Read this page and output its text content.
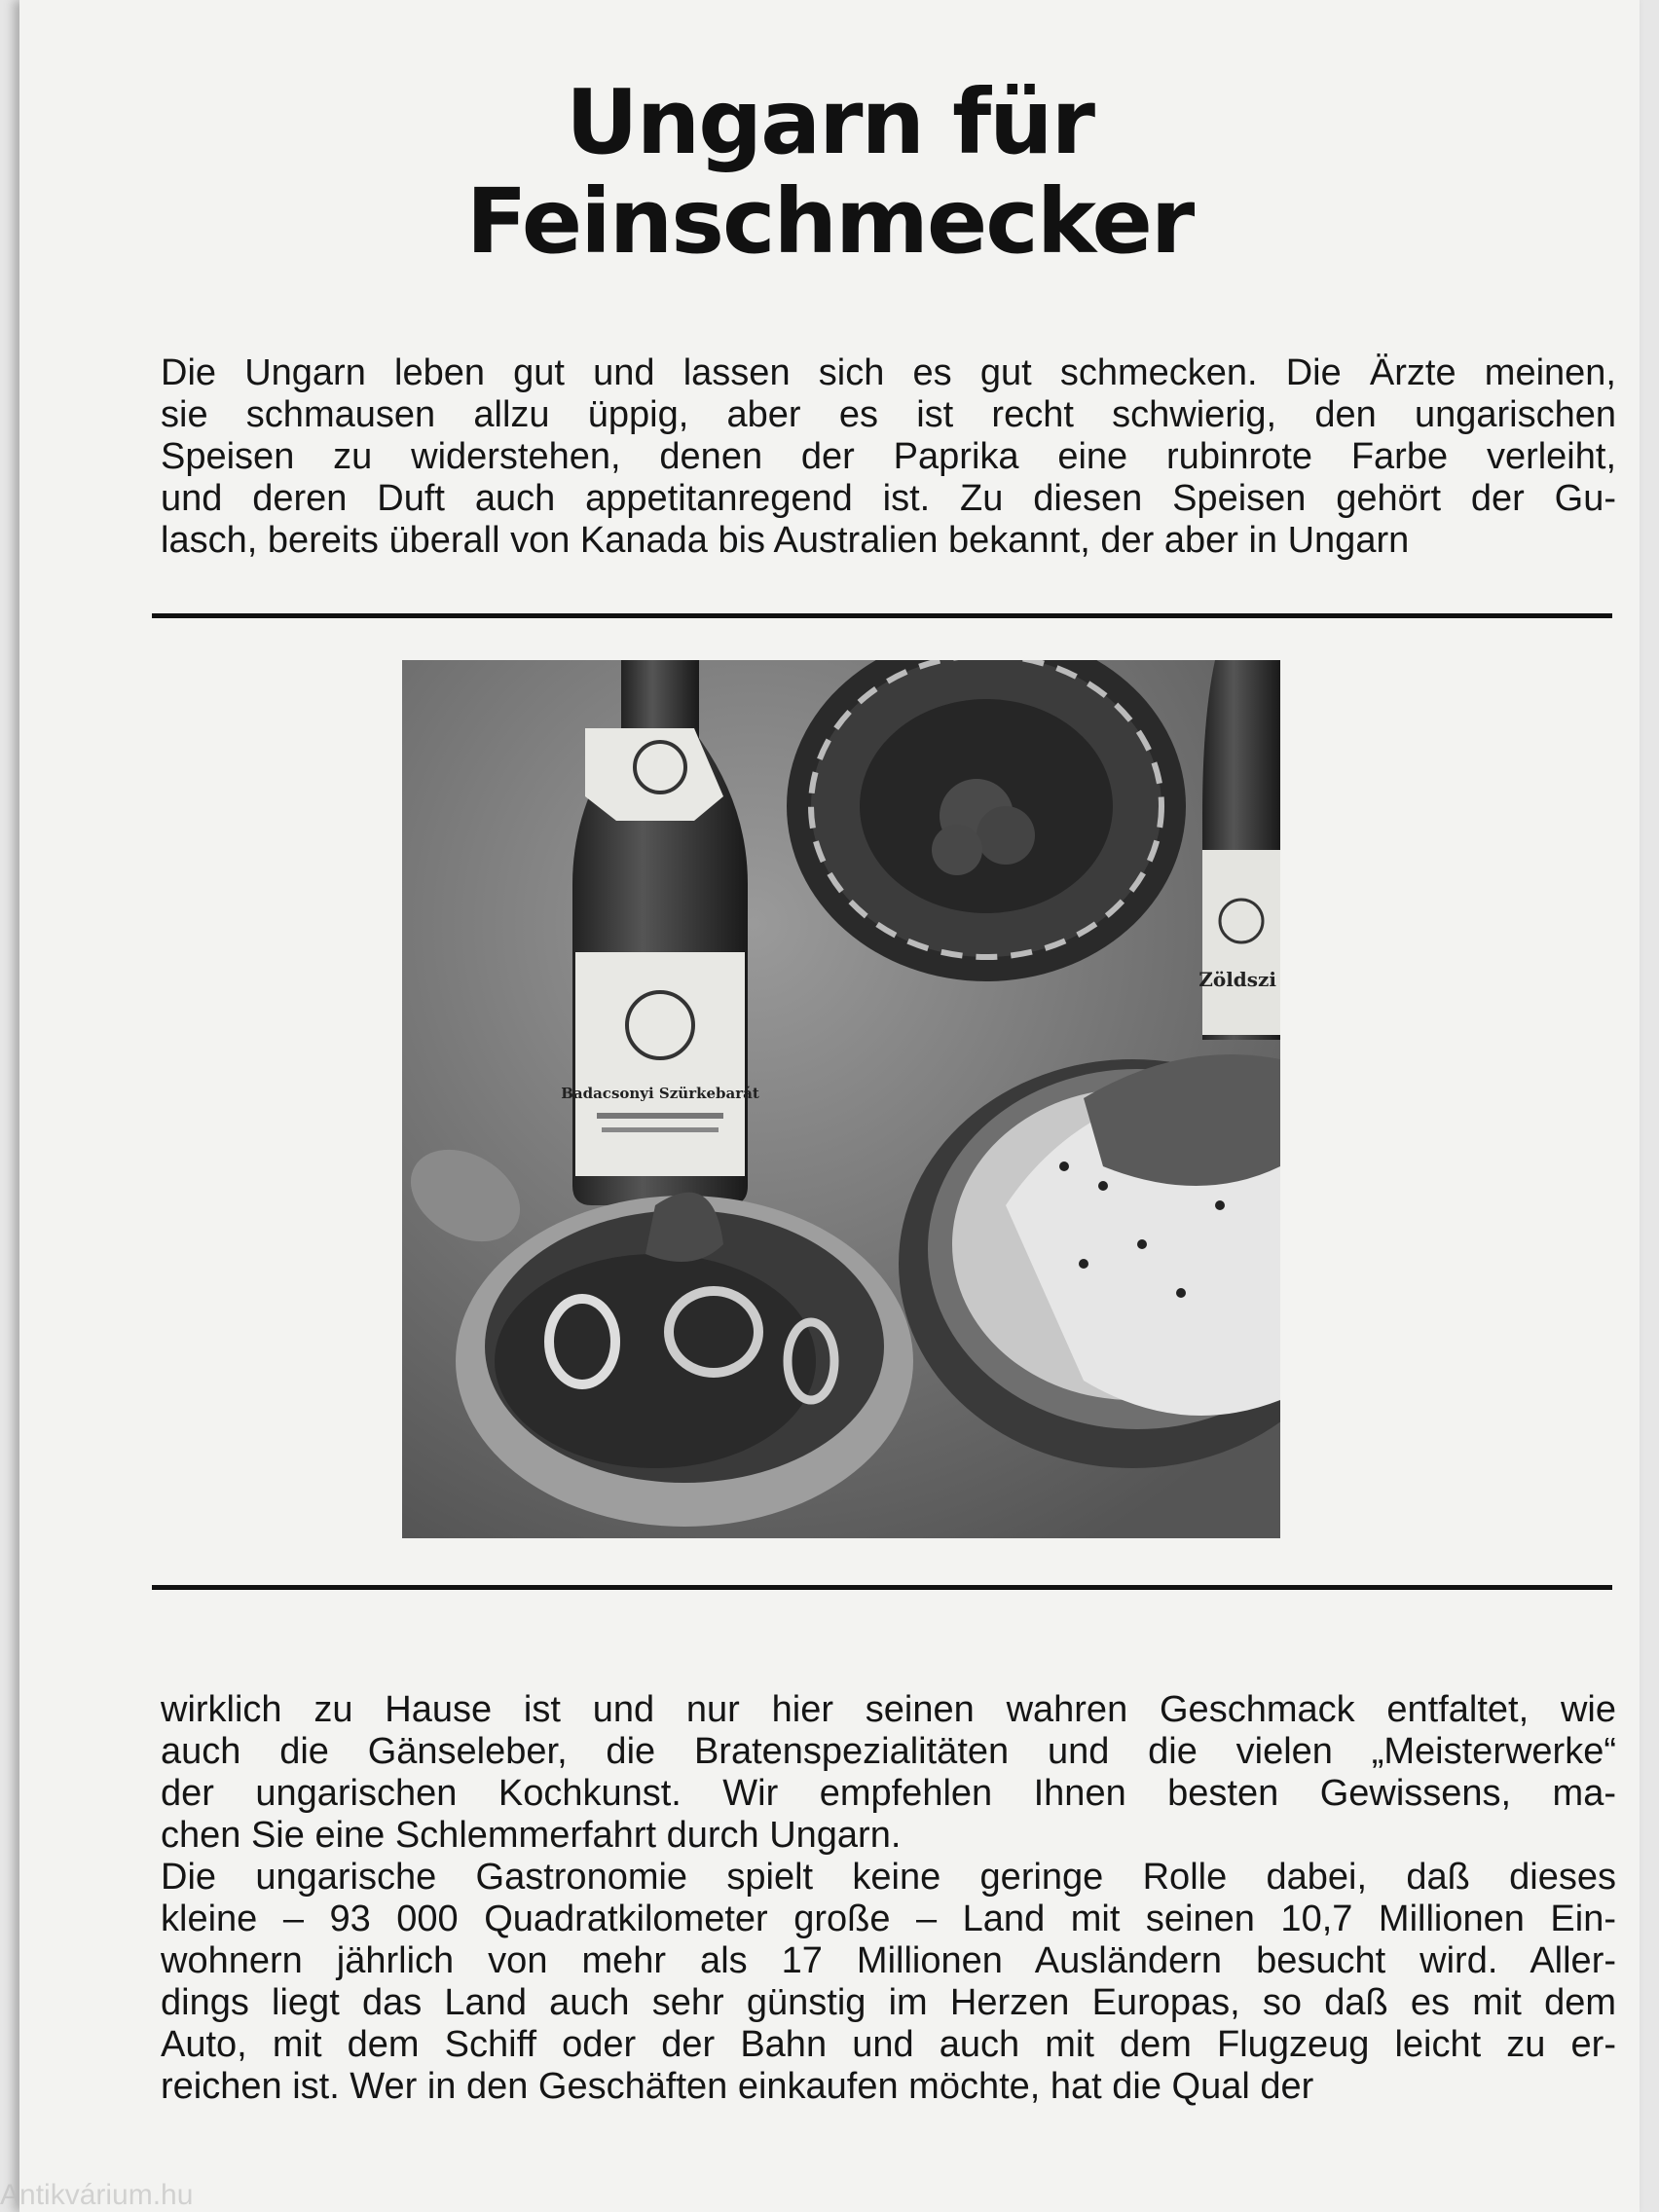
Ungarn für
Feinschmecker

Die Ungarn leben gut und lassen sich es gut schmecken. Die Ärzte meinen,
sie schmausen allzu üppig, aber es ist recht schwierig, den ungarischen
Speisen zu widerstehen, denen der Paprika eine rubinrote Farbe verleiht,
und deren Duft auch appetitanregend ist. Zu diesen Speisen gehört der Gu-
lasch, bereits überall von Kanada bis Australien bekannt, der aber in Ungarn

Badacsonyi Szürkebarát
Zöldszi

wirklich zu Hause ist und nur hier seinen wahren Geschmack entfaltet, wie
auch die Gänseleber, die Bratenspezialitäten und die vielen „Meisterwerke“
der ungarischen Kochkunst. Wir empfehlen Ihnen besten Gewissens, ma-
chen Sie eine Schlemmerfahrt durch Ungarn.
Die ungarische Gastronomie spielt keine geringe Rolle dabei, daß dieses
kleine – 93 000 Quadratkilometer große – Land mit seinen 10,7 Millionen Ein-
wohnern jährlich von mehr als 17 Millionen Ausländern besucht wird. Aller-
dings liegt das Land auch sehr günstig im Herzen Europas, so daß es mit dem
Auto, mit dem Schiff oder der Bahn und auch mit dem Flugzeug leicht zu er-
reichen ist. Wer in den Geschäften einkaufen möchte, hat die Qual der

Antikvárium.hu
